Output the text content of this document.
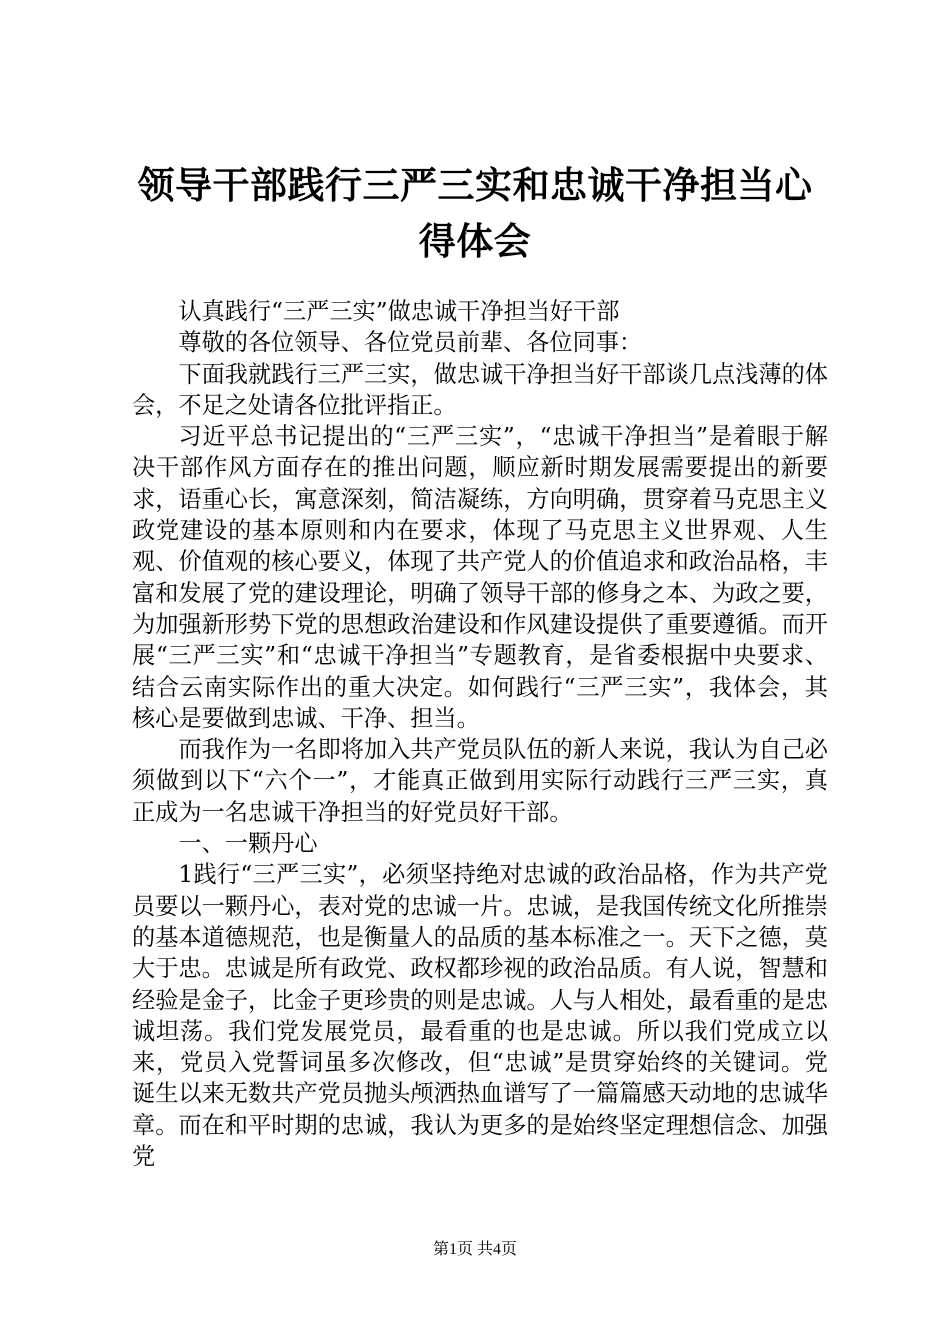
领导干部践行三严三实和忠诚干净担当心得体会

认真践行“三严三实”做忠诚干净担当好干部

尊敬的各位领导、各位党员前辈、各位同事：

下面我就践行三严三实，做忠诚干净担当好干部谈几点浅薄的体会，不足之处请各位批评指正。

习近平总书记提出的“三严三实”，“忠诚干净担当”是着眼于解决干部作风方面存在的推出问题，顺应新时期发展需要提出的新要求，语重心长，寓意深刻，简洁凝练，方向明确，贯穿着马克思主义政党建设的基本原则和内在要求，体现了马克思主义世界观、人生观、价值观的核心要义，体现了共产党人的价值追求和政治品格，丰富和发展了党的建设理论，明确了领导干部的修身之本、为政之要，为加强新形势下党的思想政治建设和作风建设提供了重要遵循。而开展“三严三实”和“忠诚干净担当”专题教育，是省委根据中央要求、结合云南实际作出的重大决定。如何践行“三严三实”，我体会，其核心是要做到忠诚、干净、担当。

而我作为一名即将加入共产党员队伍的新人来说，我认为自己必须做到以下“六个一”，才能真正做到用实际行动践行三严三实，真正成为一名忠诚干净担当的好党员好干部。

一、一颗丹心

1践行“三严三实”，必须坚持绝对忠诚的政治品格，作为共产党员要以一颗丹心，表对党的忠诚一片。忠诚，是我国传统文化所推崇的基本道德规范，也是衡量人的品质的基本标准之一。天下之德，莫大于忠。忠诚是所有政党、政权都珍视的政治品质。有人说，智慧和经验是金子，比金子更珍贵的则是忠诚。人与人相处，最看重的是忠诚坦荡。我们党发展党员，最看重的也是忠诚。所以我们党成立以来，党员入党誓词虽多次修改，但“忠诚”是贯穿始终的关键词。党诞生以来无数共产党员抛头颅洒热血谱写了一篇篇感天动地的忠诚华章。而在和平时期的忠诚，我认为更多的是始终坚定理想信念、加强党

第1页 共4页
